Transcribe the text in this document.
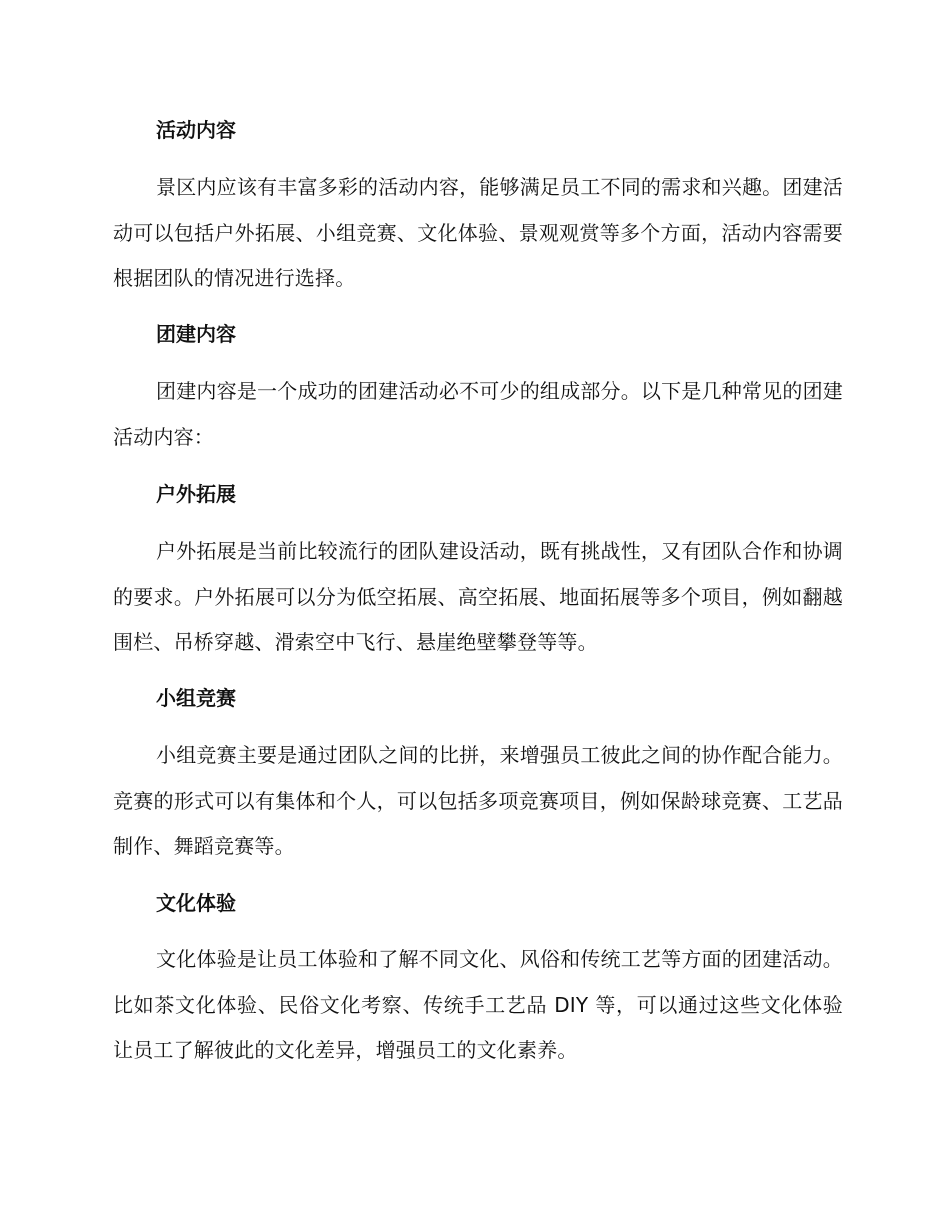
活动内容

景区内应该有丰富多彩的活动内容，能够满足员工不同的需求和兴趣。团建活动可以包括户外拓展、小组竞赛、文化体验、景观观赏等多个方面，活动内容需要根据团队的情况进行选择。

团建内容

团建内容是一个成功的团建活动必不可少的组成部分。以下是几种常见的团建活动内容：

户外拓展

户外拓展是当前比较流行的团队建设活动，既有挑战性，又有团队合作和协调的要求。户外拓展可以分为低空拓展、高空拓展、地面拓展等多个项目，例如翻越围栏、吊桥穿越、滑索空中飞行、悬崖绝壁攀登等等。

小组竞赛

小组竞赛主要是通过团队之间的比拼，来增强员工彼此之间的协作配合能力。竞赛的形式可以有集体和个人，可以包括多项竞赛项目，例如保龄球竞赛、工艺品制作、舞蹈竞赛等。

文化体验

文化体验是让员工体验和了解不同文化、风俗和传统工艺等方面的团建活动。比如茶文化体验、民俗文化考察、传统手工艺品 DIY 等，可以通过这些文化体验让员工了解彼此的文化差异，增强员工的文化素养。
